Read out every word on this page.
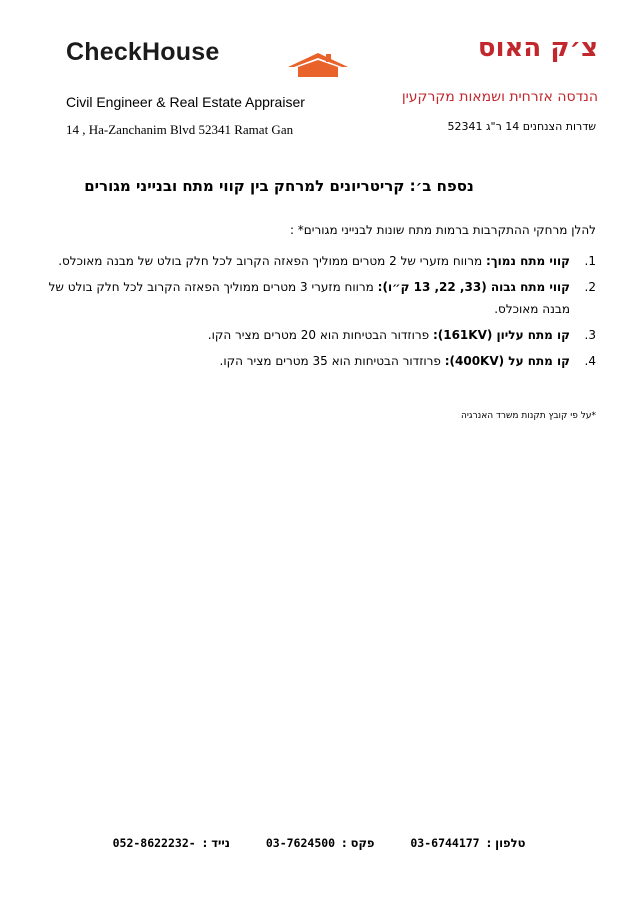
CheckHouse	צ׳ק האוס
Civil Engineer & Real Estate Appraiser	הנדסה אזרחית ושמאות מקרקעין
14 , Ha-Zanchanim Blvd 52341 Ramat Gan	שדרות הצנחנים 14 ר"ג 52341
נספח ב׳: קריטריונים למרחק בין קווי מתח ובנייני מגורים
להלן מרחקי ההתקרבות ברמות מתח שונות לבנייני מגורים* :
1.
קווי מתח נמוך: מרווח מזערי של 2 מטרים ממוליך הפאזה הקרוב לכל חלק בולט של מבנה מאוכלס.
2.
קווי מתח גבוה (33, 22, 13 ק״ו): מרווח מזערי 3 מטרים ממוליך הפאזה הקרוב לכל חלק בולט של מבנה מאוכלס.
3.
קו מתח עליון (161KV): פרוזדור הבטיחות הוא 20 מטרים מציר הקו.
4.
קו מתח על (400KV): פרוזדור הבטיחות הוא 35 מטרים מציר הקו.
*על פי קובץ תקנות משרד האנרגיה
טלפון : 03-6744177  פקס : 03-7624500  נייד : 052-8622232-
